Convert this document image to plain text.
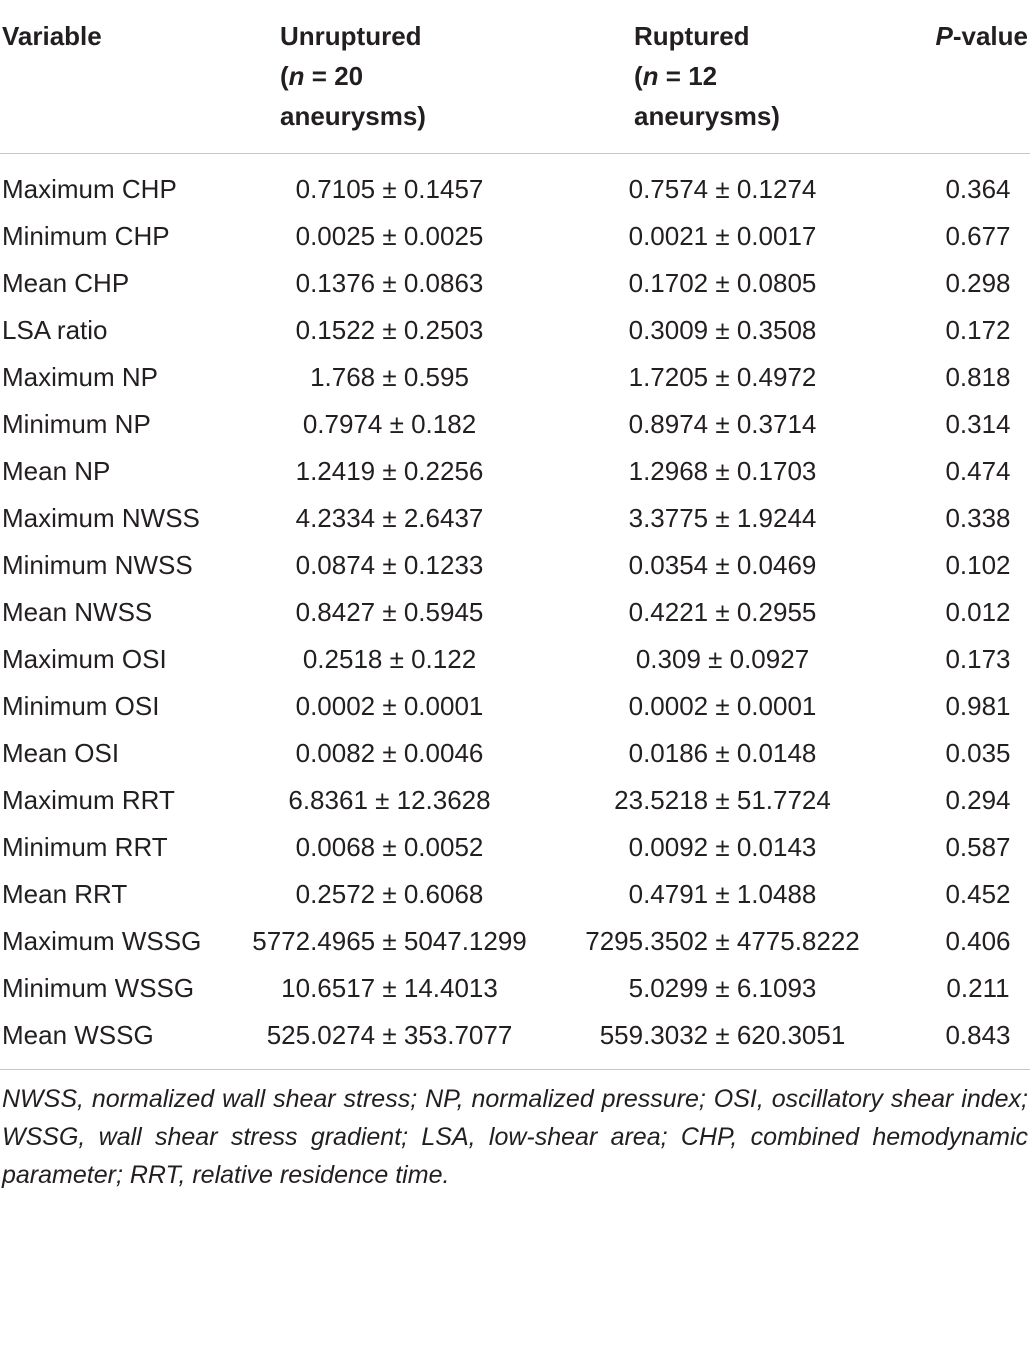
Variable	Unruptured
(n = 20
aneurysms)	Ruptured
(n = 12
aneurysms)	P-value
Maximum CHP	0.7105 ± 0.1457	0.7574 ± 0.1274	0.364
Minimum CHP	0.0025 ± 0.0025	0.0021 ± 0.0017	0.677
Mean CHP	0.1376 ± 0.0863	0.1702 ± 0.0805	0.298
LSA ratio	0.1522 ± 0.2503	0.3009 ± 0.3508	0.172
Maximum NP	1.768 ± 0.595	1.7205 ± 0.4972	0.818
Minimum NP	0.7974 ± 0.182	0.8974 ± 0.3714	0.314
Mean NP	1.2419 ± 0.2256	1.2968 ± 0.1703	0.474
Maximum NWSS	4.2334 ± 2.6437	3.3775 ± 1.9244	0.338
Minimum NWSS	0.0874 ± 0.1233	0.0354 ± 0.0469	0.102
Mean NWSS	0.8427 ± 0.5945	0.4221 ± 0.2955	0.012
Maximum OSI	0.2518 ± 0.122	0.309 ± 0.0927	0.173
Minimum OSI	0.0002 ± 0.0001	0.0002 ± 0.0001	0.981
Mean OSI	0.0082 ± 0.0046	0.0186 ± 0.0148	0.035
Maximum RRT	6.8361 ± 12.3628	23.5218 ± 51.7724	0.294
Minimum RRT	0.0068 ± 0.0052	0.0092 ± 0.0143	0.587
Mean RRT	0.2572 ± 0.6068	0.4791 ± 1.0488	0.452
Maximum WSSG	5772.4965 ± 5047.1299	7295.3502 ± 4775.8222	0.406
Minimum WSSG	10.6517 ± 14.4013	5.0299 ± 6.1093	0.211
Mean WSSG	525.0274 ± 353.7077	559.3032 ± 620.3051	0.843

NWSS, normalized wall shear stress; NP, normalized pressure; OSI, oscillatory shear index; WSSG, wall shear stress gradient; LSA, low-shear area; CHP, combined hemodynamic parameter; RRT, relative residence time.
